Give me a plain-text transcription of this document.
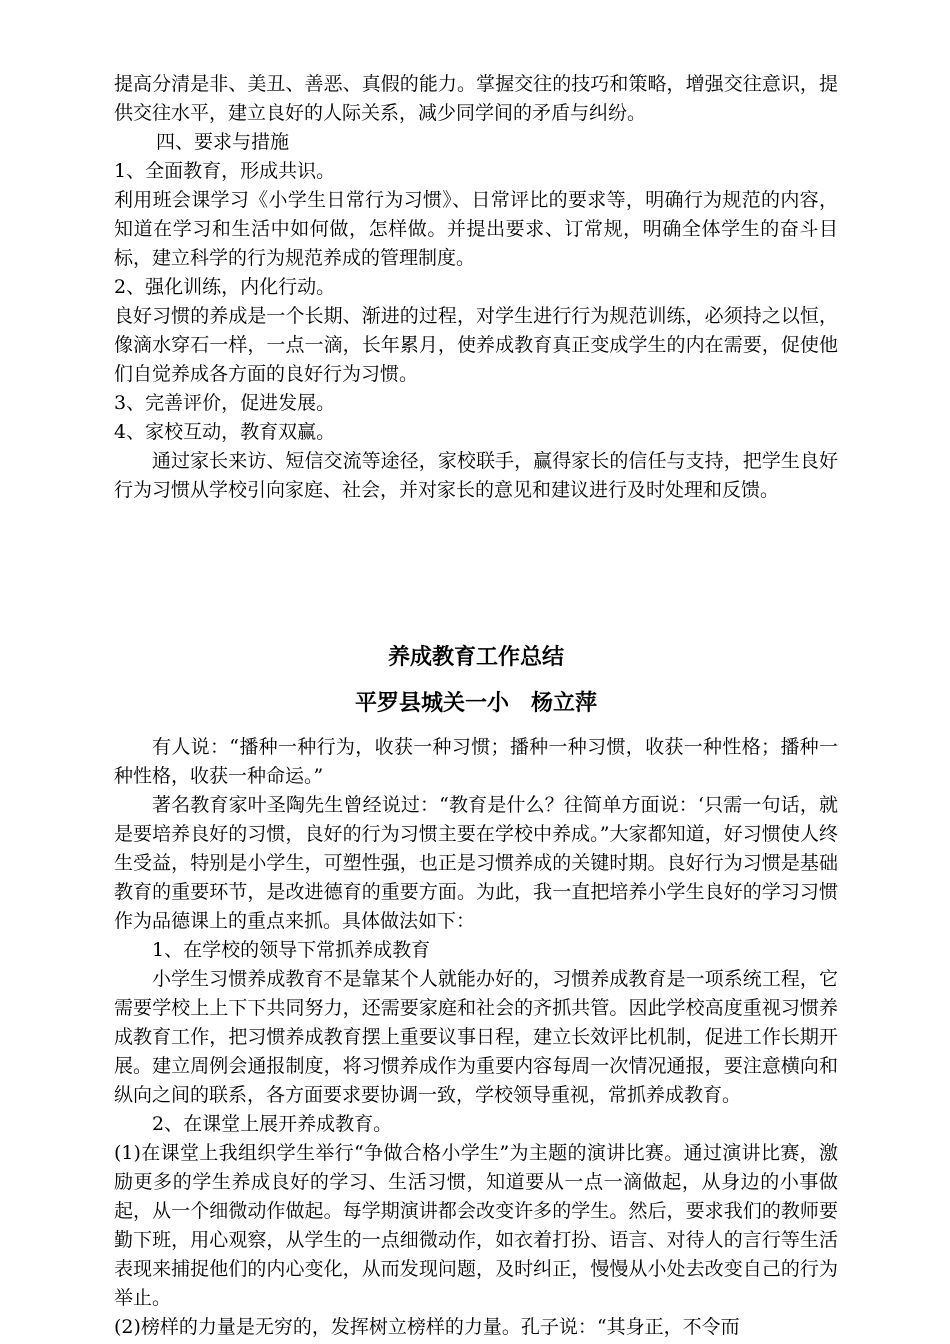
提高分清是非、美丑、善恶、真假的能力。掌握交往的技巧和策略，增强交往意识，提供交往水平，建立良好的人际关系，减少同学间的矛盾与纠纷。

四、要求与措施

1、全面教育，形成共识。

利用班会课学习《小学生日常行为习惯》、日常评比的要求等，明确行为规范的内容，知道在学习和生活中如何做，怎样做。并提出要求、订常规，明确全体学生的奋斗目标，建立科学的行为规范养成的管理制度。

2、强化训练，内化行动。

良好习惯的养成是一个长期、渐进的过程，对学生进行行为规范训练，必须持之以恒，像滴水穿石一样，一点一滴，长年累月，使养成教育真正变成学生的内在需要，促使他们自觉养成各方面的良好行为习惯。

3、完善评价，促进发展。

4、家校互动，教育双赢。

通过家长来访、短信交流等途径，家校联手，赢得家长的信任与支持，把学生良好行为习惯从学校引向家庭、社会，并对家长的意见和建议进行及时处理和反馈。

养成教育工作总结
平罗县城关一小　杨立萍

有人说：“播种一种行为，收获一种习惯；播种一种习惯，收获一种性格；播种一种性格，收获一种命运。”

著名教育家叶圣陶先生曾经说过：“教育是什么？往简单方面说：‘只需一句话，就是要培养良好的习惯，良好的行为习惯主要在学校中养成。”大家都知道，好习惯使人终生受益，特别是小学生，可塑性强，也正是习惯养成的关键时期。良好行为习惯是基础教育的重要环节，是改进德育的重要方面。为此，我一直把培养小学生良好的学习习惯作为品德课上的重点来抓。具体做法如下：

1、在学校的领导下常抓养成教育

小学生习惯养成教育不是靠某个人就能办好的，习惯养成教育是一项系统工程，它需要学校上上下下共同努力，还需要家庭和社会的齐抓共管。因此学校高度重视习惯养成教育工作，把习惯养成教育摆上重要议事日程，建立长效评比机制，促进工作长期开展。建立周例会通报制度，将习惯养成作为重要内容每周一次情况通报，要注意横向和纵向之间的联系，各方面要求要协调一致，学校领导重视，常抓养成教育。

2、在课堂上展开养成教育。

(1)在课堂上我组织学生举行“争做合格小学生”为主题的演讲比赛。通过演讲比赛，激励更多的学生养成良好的学习、生活习惯，知道要从一点一滴做起，从身边的小事做起，从一个细微动作做起。每学期演讲都会改变许多的学生。然后，要求我们的教师要勤下班，用心观察，从学生的一点细微动作，如衣着打扮、语言、对待人的言行等生活表现来捕捉他们的内心变化，从而发现问题，及时纠正，慢慢从小处去改变自己的行为举止。

(2)榜样的力量是无穷的，发挥树立榜样的力量。孔子说：“其身正，不令而
